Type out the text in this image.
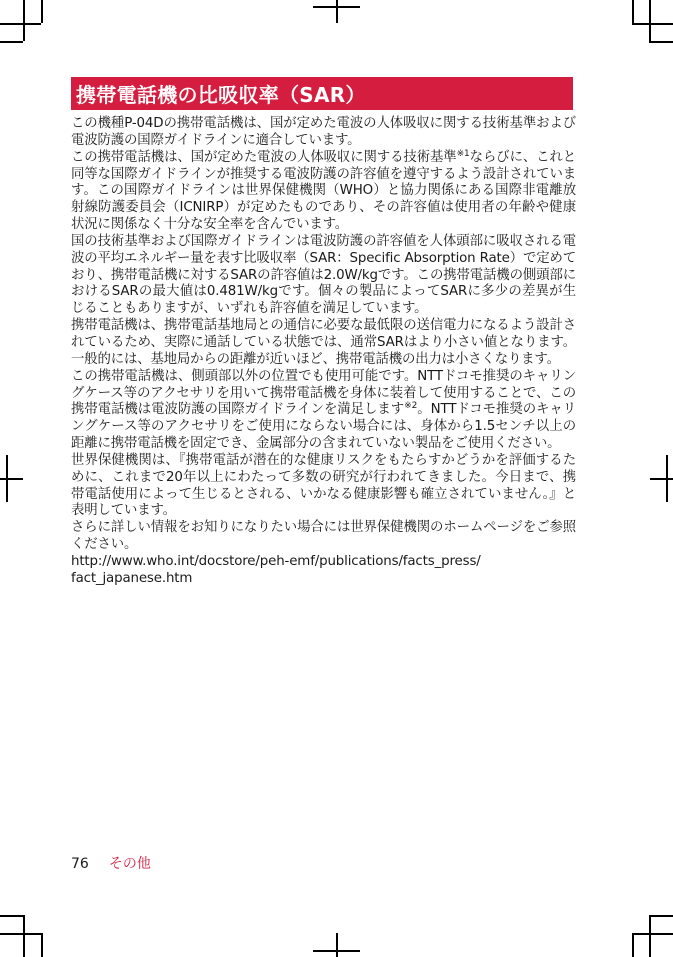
携帯電話機の比吸収率（SAR）

この機種P-04Dの携帯電話機は、国が定めた電波の人体吸収に関する技術基準および電波防護の国際ガイドラインに適合しています。

この携帯電話機は、国が定めた電波の人体吸収に関する技術基準$^{※1}$ならびに、これと同等な国際ガイドラインが推奨する電波防護の許容値を遵守するよう設計されています。この国際ガイドラインは世界保健機関（WHO）と協力関係にある国際非電離放射線防護委員会（ICNIRP）が定めたものであり、その許容値は使用者の年齢や健康状況に関係なく十分な安全率を含んでいます。

国の技術基準および国際ガイドラインは電波防護の許容値を人体頭部に吸収される電波の平均エネルギー量を表す比吸収率（SAR：Specific Absorption Rate）で定めており、携帯電話機に対するSARの許容値は2.0W/kgです。この携帯電話機の側頭部におけるSARの最大値は0.481W/kgです。個々の製品によってSARに多少の差異が生じることもありますが、いずれも許容値を満足しています。

携帯電話機は、携帯電話基地局との通信に必要な最低限の送信電力になるよう設計されているため、実際に通話している状態では、通常SARはより小さい値となります。一般的には、基地局からの距離が近いほど、携帯電話機の出力は小さくなります。

この携帯電話機は、側頭部以外の位置でも使用可能です。NTTドコモ推奨のキャリングケース等のアクセサリを用いて携帯電話機を身体に装着して使用することで、この携帯電話機は電波防護の国際ガイドラインを満足します$^{※2}$。NTTドコモ推奨のキャリングケース等のアクセサリをご使用にならない場合には、身体から1.5センチ以上の距離に携帯電話機を固定でき、金属部分の含まれていない製品をご使用ください。

世界保健機関は、『携帯電話が潜在的な健康リスクをもたらすかどうかを評価するために、これまで20年以上にわたって多数の研究が行われてきました。今日まで、携帯電話使用によって生じるとされる、いかなる健康影響も確立されていません。』と表明しています。

さらに詳しい情報をお知りになりたい場合には世界保健機関のホームページをご参照ください。

http://www.who.int/docstore/peh-emf/publications/facts_press/
fact_japanese.htm

76 その他
